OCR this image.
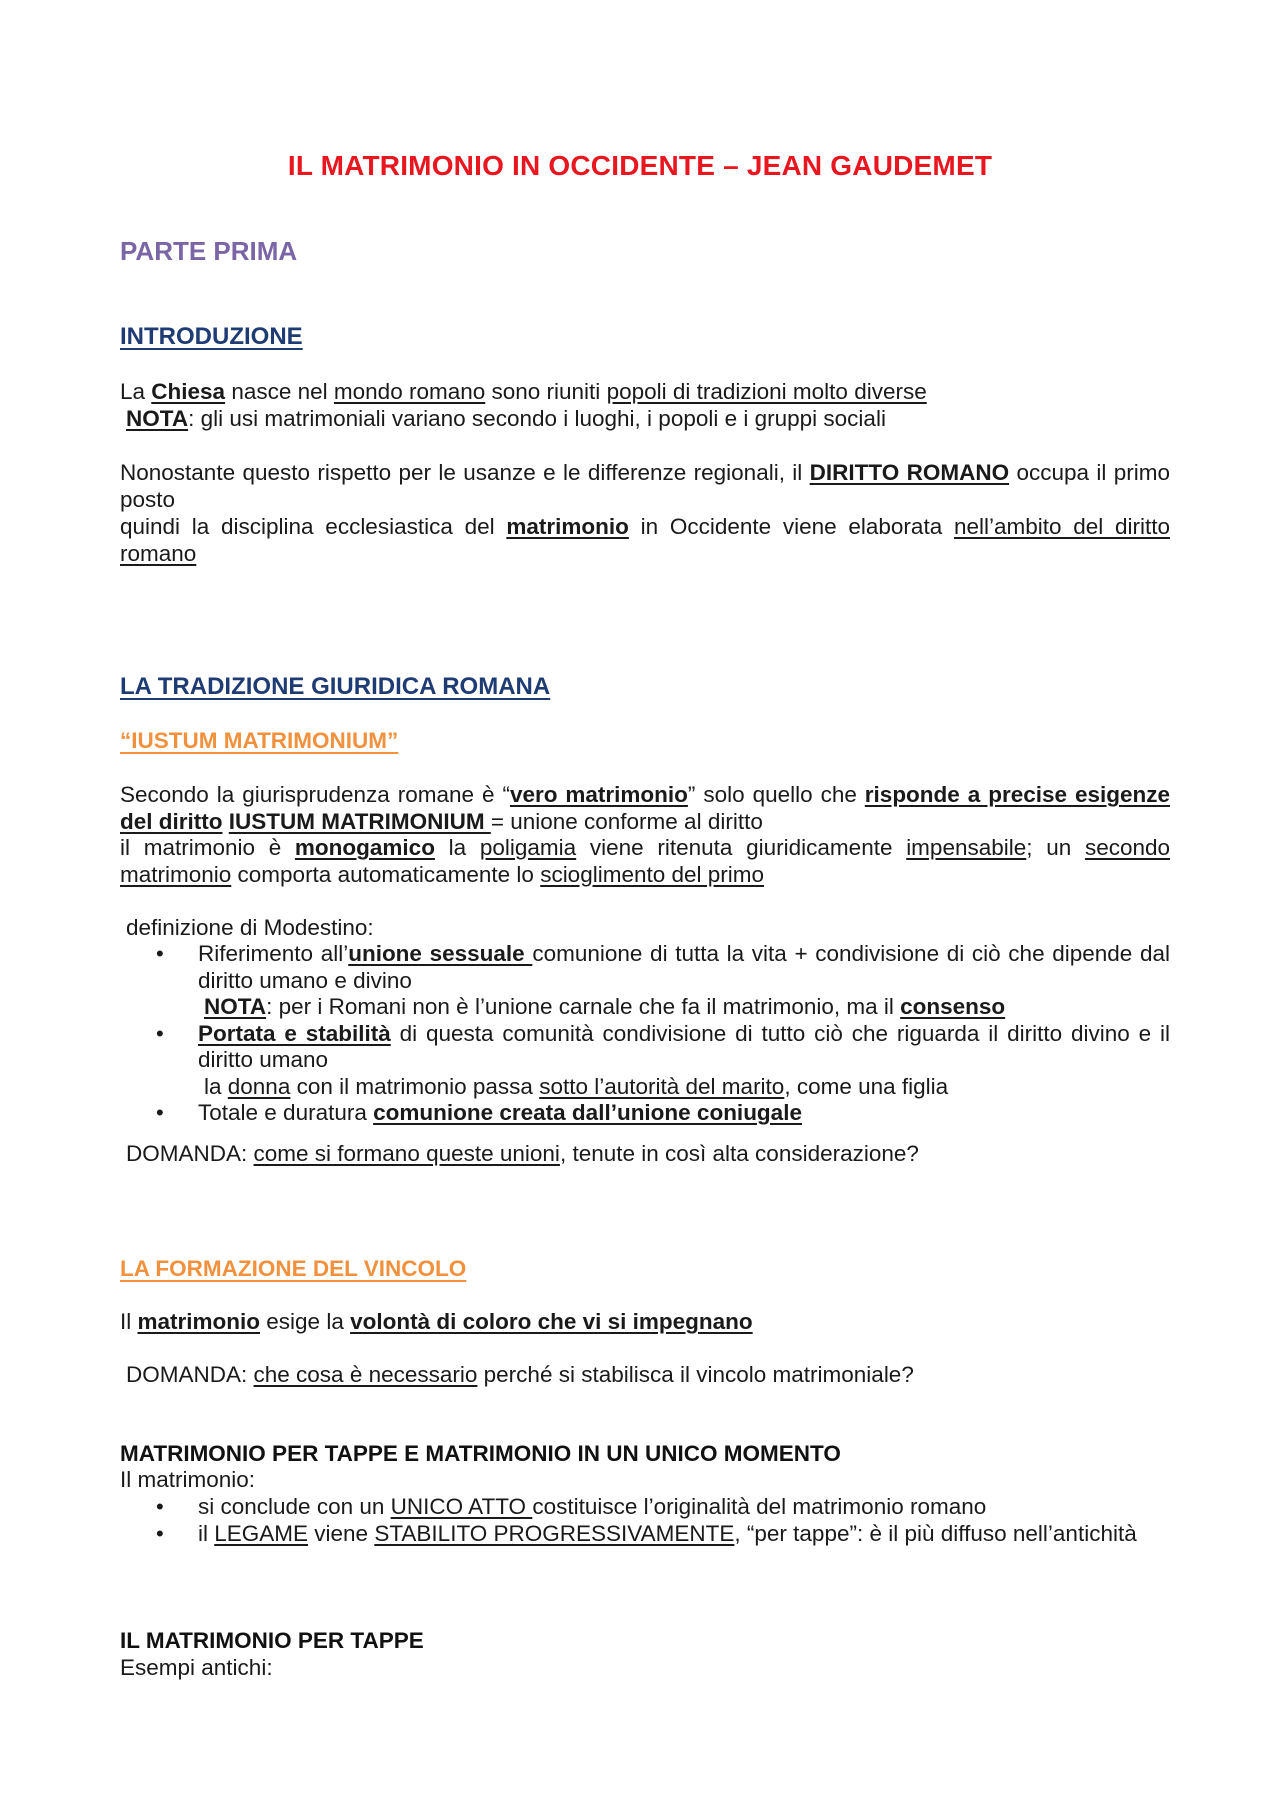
IL MATRIMONIO IN OCCIDENTE – JEAN GAUDEMET
PARTE PRIMA
INTRODUZIONE
La Chiesa nasce nel mondo romano sono riuniti popoli di tradizioni molto diverse
NOTA: gli usi matrimoniali variano secondo i luoghi, i popoli e i gruppi sociali
Nonostante questo rispetto per le usanze e le differenze regionali, il DIRITTO ROMANO occupa il primo posto
quindi la disciplina ecclesiastica del matrimonio in Occidente viene elaborata nell’ambito del diritto romano
LA TRADIZIONE GIURIDICA ROMANA
“IUSTUM MATRIMONIUM”
Secondo la giurisprudenza romane è “vero matrimonio” solo quello che risponde a precise esigenze del diritto IUSTUM MATRIMONIUM = unione conforme al diritto
il matrimonio è monogamico la poligamia viene ritenuta giuridicamente impensabile; un secondo matrimonio comporta automaticamente lo scioglimento del primo
definizione di Modestino:
• Riferimento all’unione sessuale comunione di tutta la vita + condivisione di ciò che dipende dal diritto umano e divino
NOTA: per i Romani non è l’unione carnale che fa il matrimonio, ma il consenso
• Portata e stabilità di questa comunità condivisione di tutto ciò che riguarda il diritto divino e il diritto umano
la donna con il matrimonio passa sotto l’autorità del marito, come una figlia
• Totale e duratura comunione creata dall’unione coniugale
DOMANDA: come si formano queste unioni, tenute in così alta considerazione?
LA FORMAZIONE DEL VINCOLO
Il matrimonio esige la volontà di coloro che vi si impegnano
DOMANDA: che cosa è necessario perché si stabilisca il vincolo matrimoniale?
MATRIMONIO PER TAPPE E MATRIMONIO IN UN UNICO MOMENTO
Il matrimonio:
• si conclude con un UNICO ATTO costituisce l’originalità del matrimonio romano
• il LEGAME viene STABILITO PROGRESSIVAMENTE, “per tappe”: è il più diffuso nell’antichità
IL MATRIMONIO PER TAPPE
Esempi antichi:
